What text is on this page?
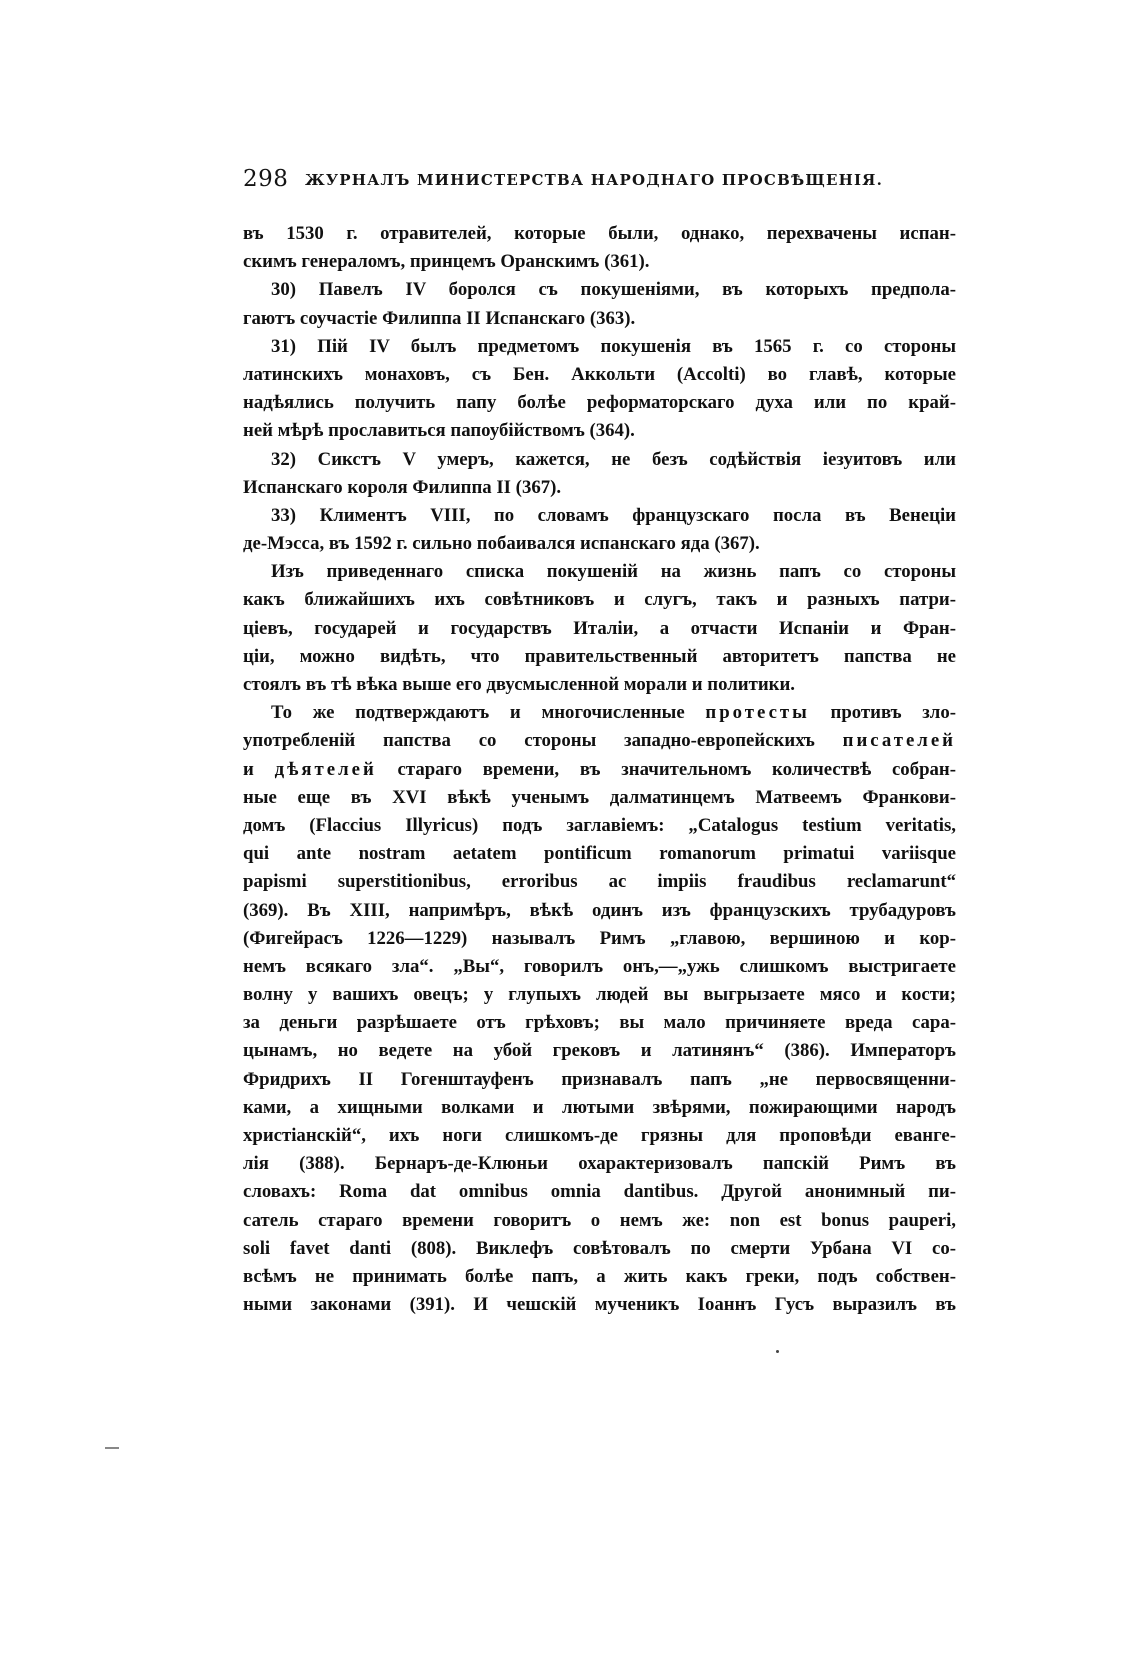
298 ЖУРНАЛЪ МИНИСТЕРСТВА НАРОДНАГО ПРОСВѢЩЕНІЯ.
въ 1530 г. отравителей, которые были, однако, перехвачены испан-
скимъ генераломъ, принцемъ Оранскимъ (361).
30) Павелъ IV боролся съ покушеніями, въ которыхъ предпола-
гаютъ соучастіе Филиппа II Испанскаго (363).
31) Пій IV былъ предметомъ покушенія въ 1565 г. со стороны
латинскихъ монаховъ, съ Бен. Аккольти (Accolti) во главѣ, которые
надѣялись получить папу болѣе реформаторскаго духа или по край-
ней мѣрѣ прославиться папоубійствомъ (364).
32) Сикстъ V умеръ, кажется, не безъ содѣйствія іезуитовъ или
Испанскаго короля Филиппа II (367).
33) Климентъ VIII, по словамъ французскаго посла въ Венеціи
де-Мэсса, въ 1592 г. сильно побаивался испанскаго яда (367).
Изъ приведеннаго списка покушеній на жизнь папъ со стороны
какъ ближайшихъ ихъ совѣтниковъ и слугъ, такъ и разныхъ патри-
ціевъ, государей и государствъ Италіи, а отчасти Испаніи и Фран-
ціи, можно видѣть, что правительственный авторитетъ папства не
стоялъ въ тѣ вѣка выше его двусмысленной морали и политики.
То же подтверждаютъ и многочисленные протесты противъ зло-
употребленій папства со стороны западно-европейскихъ писателей
и дѣятелей стараго времени, въ значительномъ количествѣ собран-
ные еще въ XVI вѣкѣ ученымъ далматинцемъ Матвеемъ Франкови-
домъ (Flaccius Illyricus) подъ заглавіемъ: „Catalogus testium veritatis,
qui ante nostram aetatem pontificum romanorum primatui variisque
papismi superstitionibus, erroribus ac impiis fraudibus reclamarunt“
(369). Въ XIII, напримѣръ, вѣкѣ одинъ изъ французскихъ трубадуровъ
(Фигейрасъ 1226—1229) называлъ Римъ „главою, вершиною и кор-
немъ всякаго зла“. „Вы“, говорилъ онъ,—„ужь слишкомъ выстригаете
волну у вашихъ овецъ; у глупыхъ людей вы выгрызаете мясо и кости;
за деньги разрѣшаете отъ грѣховъ; вы мало причиняете вреда сара-
цынамъ, но ведете на убой грековъ и латинянъ“ (386). Императоръ
Фридрихъ II Гогенштауфенъ признавалъ папъ „не первосвященни-
ками, а хищными волками и лютыми звѣрями, пожирающими народъ
христіанскій“, ихъ ноги слишкомъ-де грязны для проповѣди еванге-
лія (388). Бернаръ-де-Клюньи охарактеризовалъ папскій Римъ въ
словахъ: Roma dat omnibus omnia dantibus. Другой анонимный пи-
сатель стараго времени говоритъ о немъ же: non est bonus pauperi,
soli favet danti (808). Виклефъ совѣтовалъ по смерти Урбана VI со-
всѣмъ не принимать болѣе папъ, а жить какъ греки, подъ собствен-
ными законами (391). И чешскій мученикъ Іоаннъ Гусъ выразилъ въ
